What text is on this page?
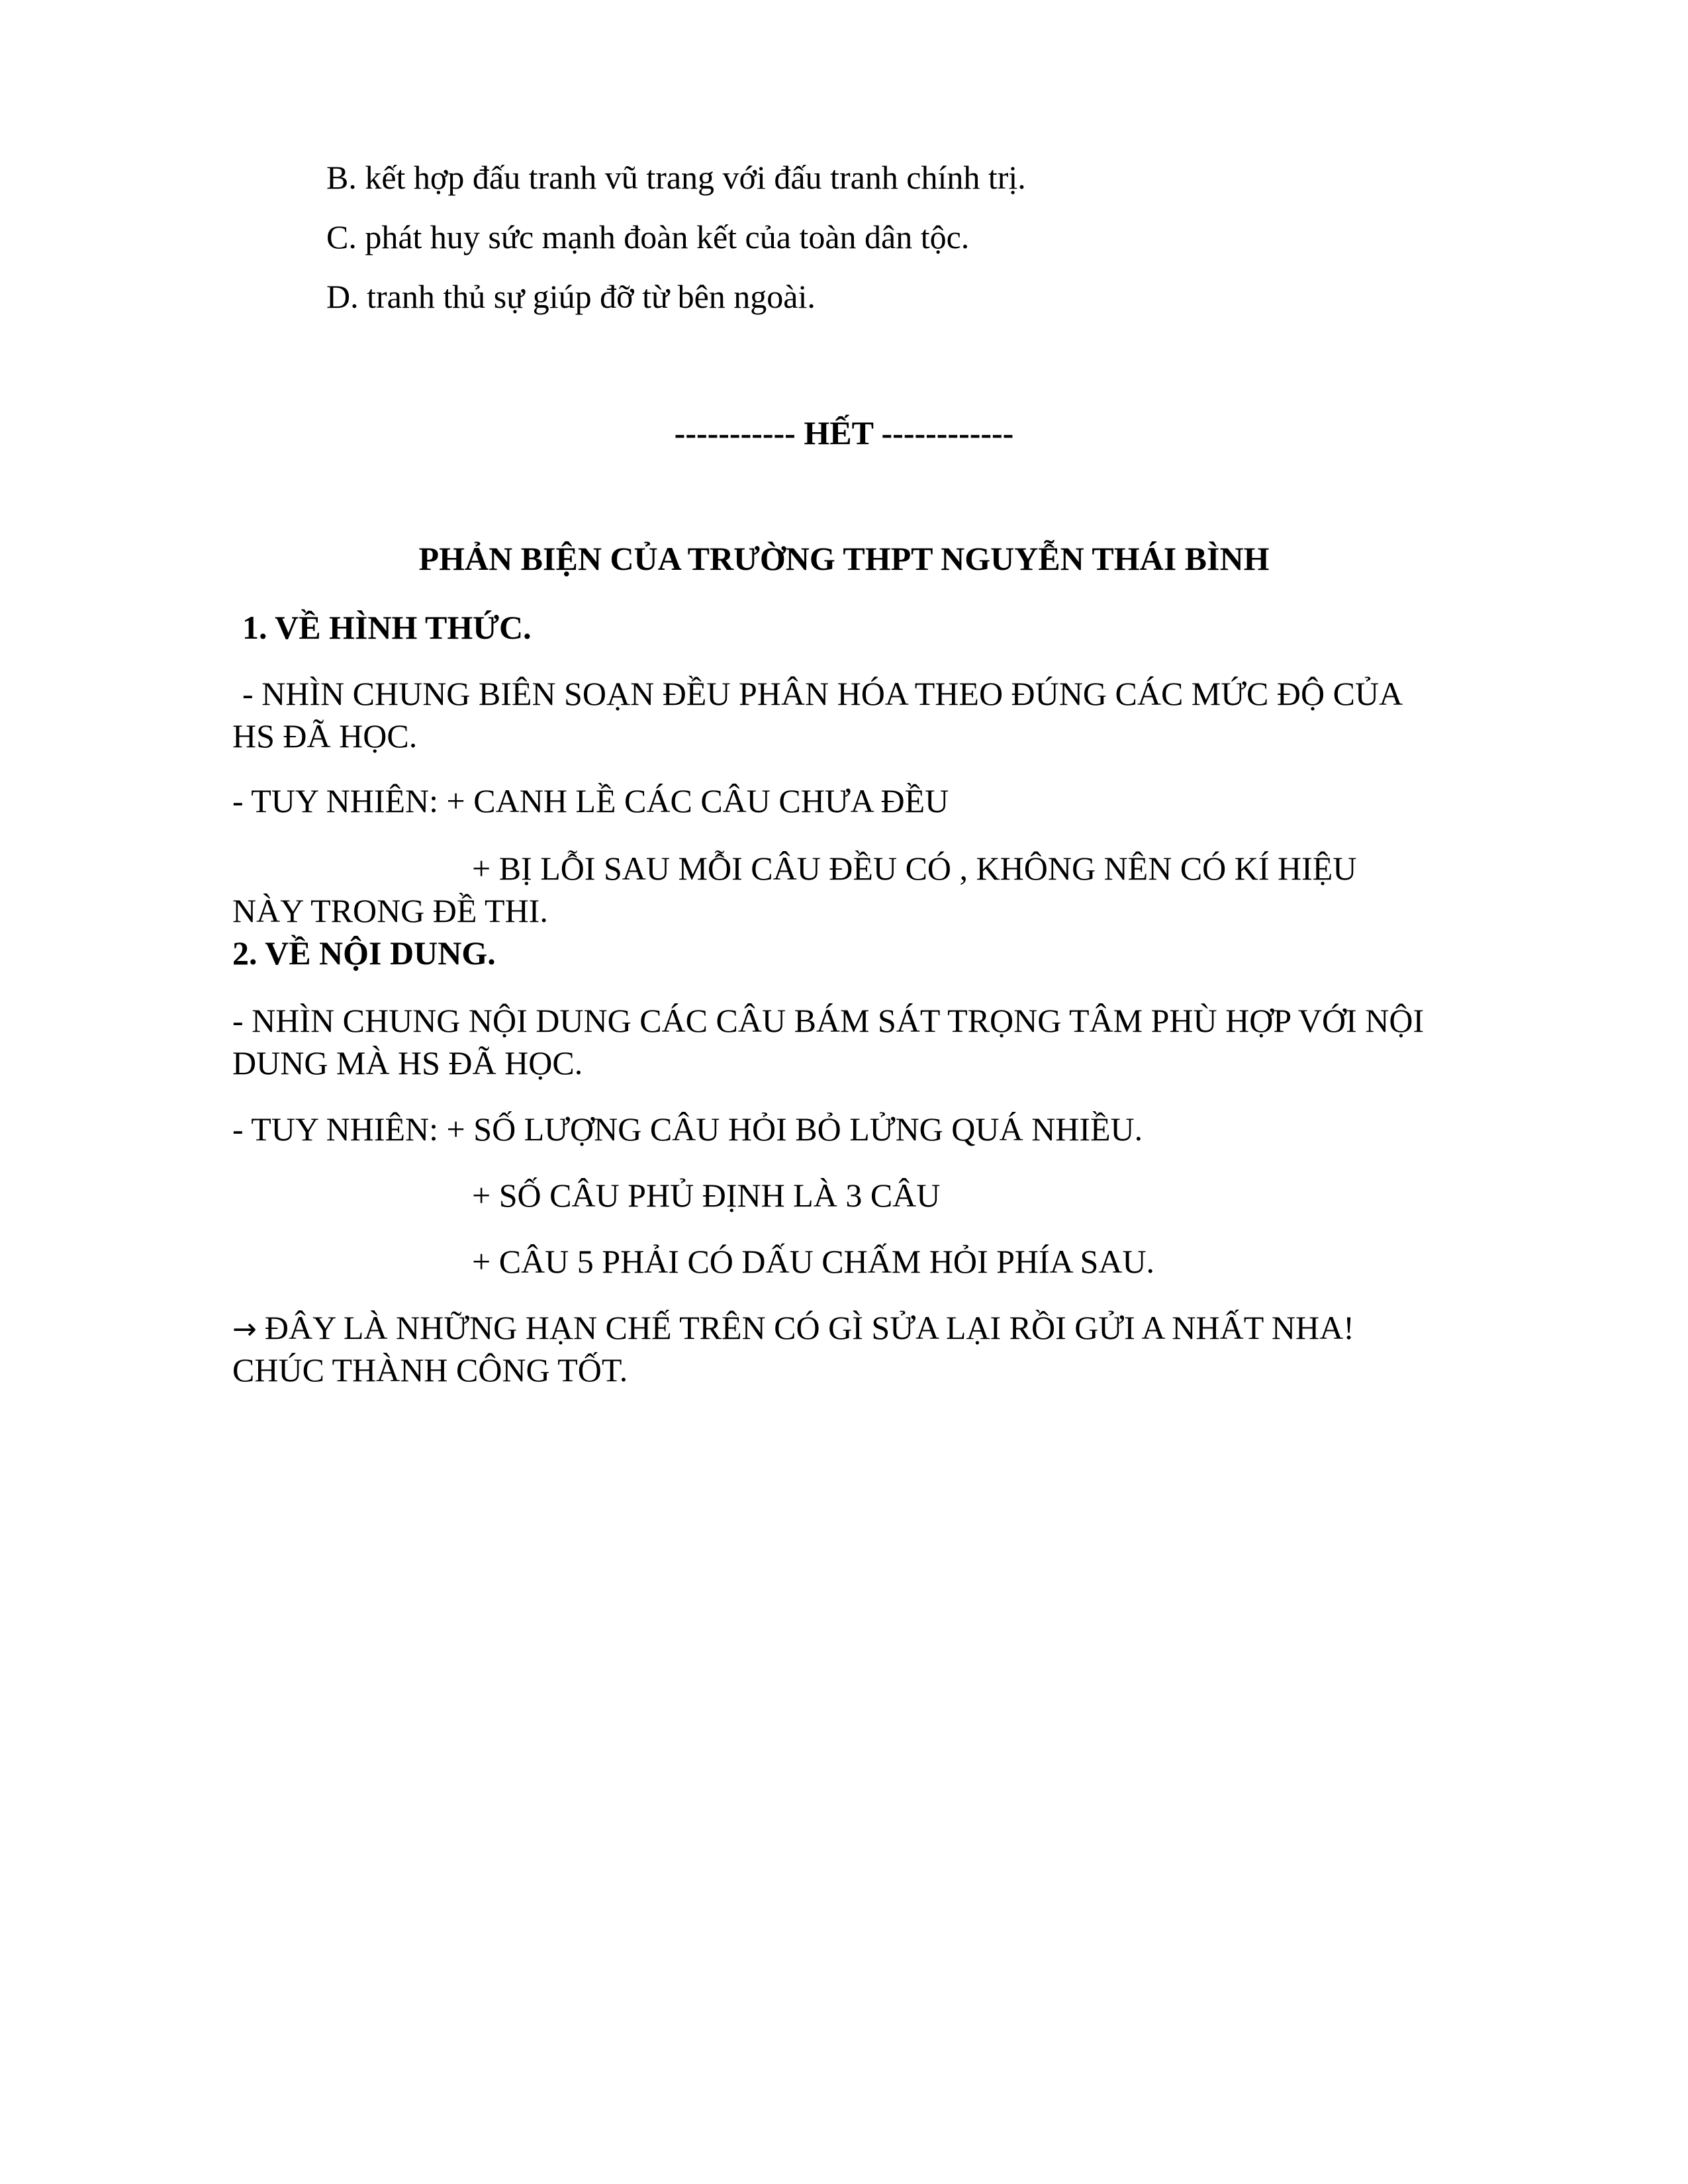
B. kết hợp đấu tranh vũ trang với đấu tranh chính trị.
C. phát huy sức mạnh đoàn kết của toàn dân tộc.
D. tranh thủ sự giúp đỡ từ bên ngoài.
----------- HẾT ------------
PHẢN BIỆN CỦA TRƯỜNG THPT NGUYỄN THÁI BÌNH
1. VỀ HÌNH THỨC.
- NHÌN CHUNG BIÊN SOẠN ĐỀU PHÂN HÓA THEO ĐÚNG CÁC MỨC ĐỘ CỦA
HS ĐÃ HỌC.
- TUY NHIÊN: + CANH LỀ CÁC CÂU CHƯA ĐỀU
+ BỊ LỖI SAU MỖI CÂU ĐỀU CÓ , KHÔNG NÊN CÓ KÍ HIỆU
NÀY TRONG ĐỀ THI.
2. VỀ NỘI DUNG.
- NHÌN CHUNG NỘI DUNG CÁC CÂU BÁM SÁT TRỌNG TÂM PHÙ HỢP VỚI NỘI
DUNG MÀ HS ĐÃ HỌC.
- TUY NHIÊN: + SỐ LƯỢNG CÂU HỎI BỎ LỬNG QUÁ NHIỀU.
+ SỐ CÂU PHỦ ĐỊNH LÀ 3 CÂU
+ CÂU 5 PHẢI CÓ DẤU CHẤM HỎI PHÍA SAU.
→ ĐÂY LÀ NHỮNG HẠN CHẾ TRÊN CÓ GÌ SỬA LẠI RỒI GỬI A NHẤT NHA!
CHÚC THÀNH CÔNG TỐT.
